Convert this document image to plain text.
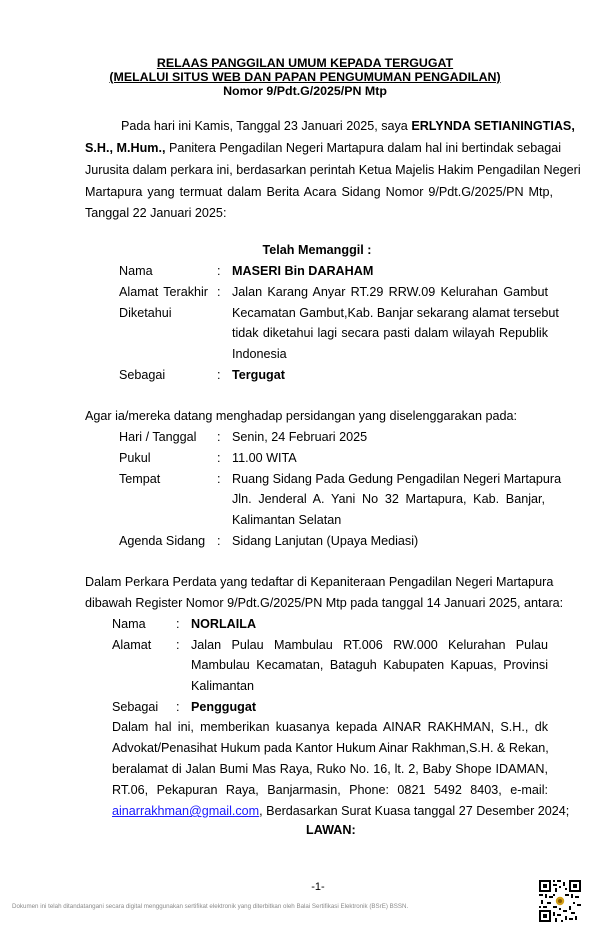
RELAAS PANGGILAN UMUM KEPADA TERGUGAT
(MELALUI SITUS WEB DAN PAPAN PENGUMUMAN PENGADILAN)
Nomor 9/Pdt.G/2025/PN Mtp
Pada hari ini Kamis, Tanggal 23 Januari 2025, saya ERLYNDA SETIANINGTIAS,
S.H., M.Hum., Panitera Pengadilan Negeri Martapura dalam hal ini bertindak sebagai
Jurusita dalam perkara ini, berdasarkan perintah Ketua Majelis Hakim Pengadilan Negeri
Martapura yang termuat dalam Berita Acara Sidang Nomor 9/Pdt.G/2025/PN Mtp,
Tanggal 22 Januari 2025:
Telah Memanggil :
Nama	: MASERI Bin DARAHAM
Alamat Terakhir
Diketahui
: Jalan Karang Anyar RT.29 RRW.09 Kelurahan Gambut
Kecamatan Gambut,Kab. Banjar sekarang alamat tersebut
tidak diketahui lagi secara pasti dalam wilayah Republik
Indonesia
Sebagai	: Tergugat
Agar ia/mereka datang menghadap persidangan yang diselenggarakan pada:
Hari / Tanggal : Senin, 24 Februari 2025
Pukul	: 11.00 WITA
Tempat	: Ruang Sidang Pada Gedung Pengadilan Negeri Martapura
Jln. Jenderal A. Yani No 32 Martapura, Kab. Banjar,
Kalimantan Selatan
Agenda Sidang : Sidang Lanjutan (Upaya Mediasi)
Dalam Perkara Perdata yang tedaftar di Kepaniteraan Pengadilan Negeri Martapura
dibawah Register Nomor 9/Pdt.G/2025/PN Mtp pada tanggal 14 Januari 2025, antara:
Nama : NORLAILA
Alamat : Jalan Pulau Mambulau RT.006 RW.000 Kelurahan Pulau
Mambulau Kecamatan, Bataguh Kabupaten Kapuas, Provinsi
Kalimantan
Sebagai : Penggugat
Dalam hal ini, memberikan kuasanya kepada AINAR RAKHMAN, S.H., dk
Advokat/Penasihat Hukum pada Kantor Hukum Ainar Rakhman,S.H. & Rekan,
beralamat di Jalan Bumi Mas Raya, Ruko No. 16, lt. 2, Baby Shope IDAMAN,
RT.06, Pekapuran Raya, Banjarmasin, Phone: 0821 5492 8403, e-mail:
ainarrakhman@gmail.com, Berdasarkan Surat Kuasa tanggal 27 Desember 2024;
LAWAN:
-1-
Dokumen ini telah ditandatangani secara digital menggunakan sertifikat elektronik yang diterbitkan oleh Balai Sertifikasi Elektronik (BSrE) BSSN.
